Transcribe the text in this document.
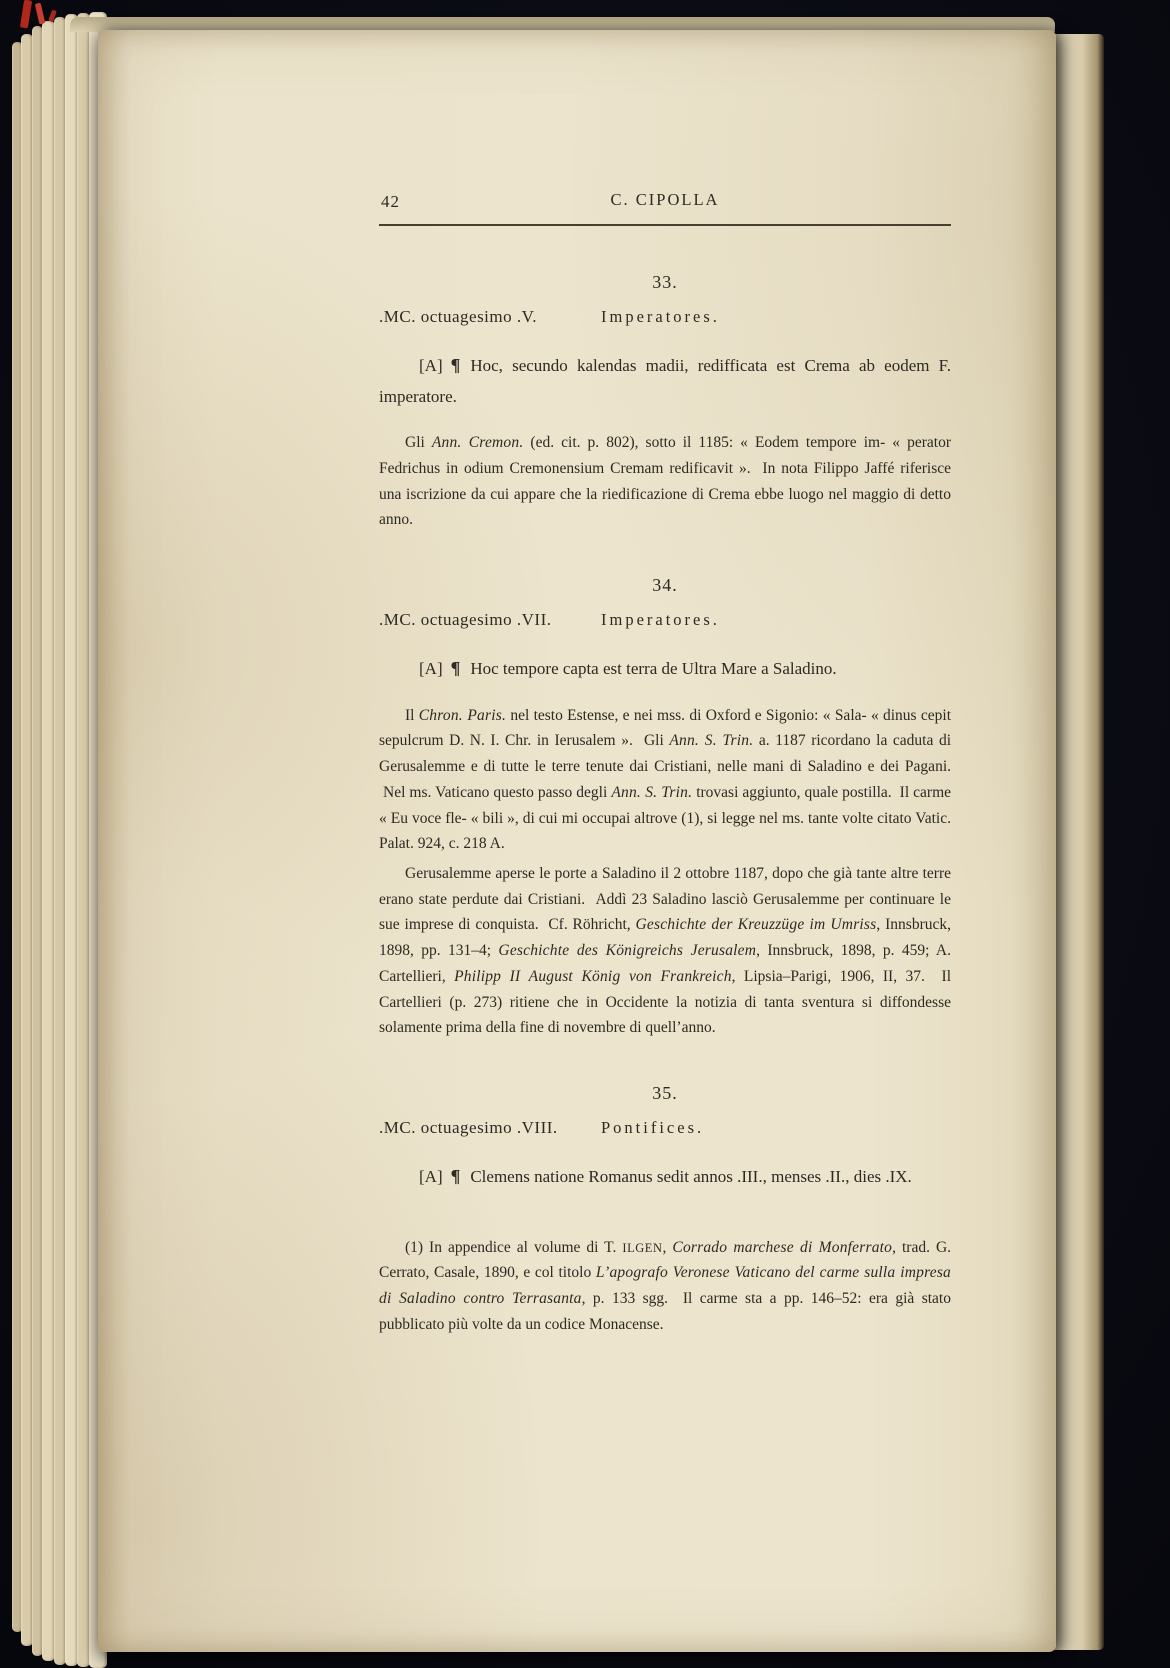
42	C. CIPOLLA
33.
.MC. octuagesimo .V.	Imperatores.

[A] ¶ Hoc, secundo kalendas madii, redifficata est Crema ab eodem F. imperatore.

Gli Ann. Cremon. (ed. cit. p. 802), sotto il 1185: « Eodem tempore im- « perator Fedrichus in odium Cremonensium Cremam redificavit ».  In nota Filippo Jaffé riferisce una iscrizione da cui appare che la riedificazione di Crema ebbe luogo nel maggio di detto anno.

34.
.MC. octuagesimo .VII.	Imperatores.

[A] ¶ Hoc tempore capta est terra de Ultra Mare a Saladino.

Il Chron. Paris. nel testo Estense, e nei mss. di Oxford e Sigonio: « Sala- « dinus cepit sepulcrum D. N. I. Chr. in Ierusalem ».  Gli Ann. S. Trin. a. 1187 ricordano la caduta di Gerusalemme e di tutte le terre tenute dai Cristiani, nelle mani di Saladino e dei Pagani.  Nel ms. Vaticano questo passo degli Ann. S. Trin. trovasi aggiunto, quale postilla.  Il carme « Eu voce fle- « bili », di cui mi occupai altrove (1), si legge nel ms. tante volte citato Vatic. Palat. 924, c. 218 A.

Gerusalemme aperse le porte a Saladino il 2 ottobre 1187, dopo che già tante altre terre erano state perdute dai Cristiani.  Addì 23 Saladino lasciò Gerusalemme per continuare le sue imprese di conquista.  Cf. Röhricht, Geschichte der Kreuzzüge im Umriss, Innsbruck, 1898, pp. 131–4; Geschichte des Königreichs Jerusalem, Innsbruck, 1898, p. 459; A. Cartellieri, Philipp II August König von Frankreich, Lipsia–Parigi, 1906, II, 37.  Il Cartellieri (p. 273) ritiene che in Occidente la notizia di tanta sventura si diffondesse solamente prima della fine di novembre di quell’anno.

35.
.MC. octuagesimo .VIII.	Pontifices.

[A] ¶ Clemens natione Romanus sedit annos .III., menses .II., dies .IX.

(1) In appendice al volume di T. ILGEN, Corrado marchese di Monferrato, trad. G. Cerrato, Casale, 1890, e col titolo L’apografo Veronese Vaticano del carme sulla impresa di Saladino contro Terrasanta, p. 133 sgg.  Il carme sta a pp. 146–52: era già stato pubblicato più volte da un codice Monacense.
